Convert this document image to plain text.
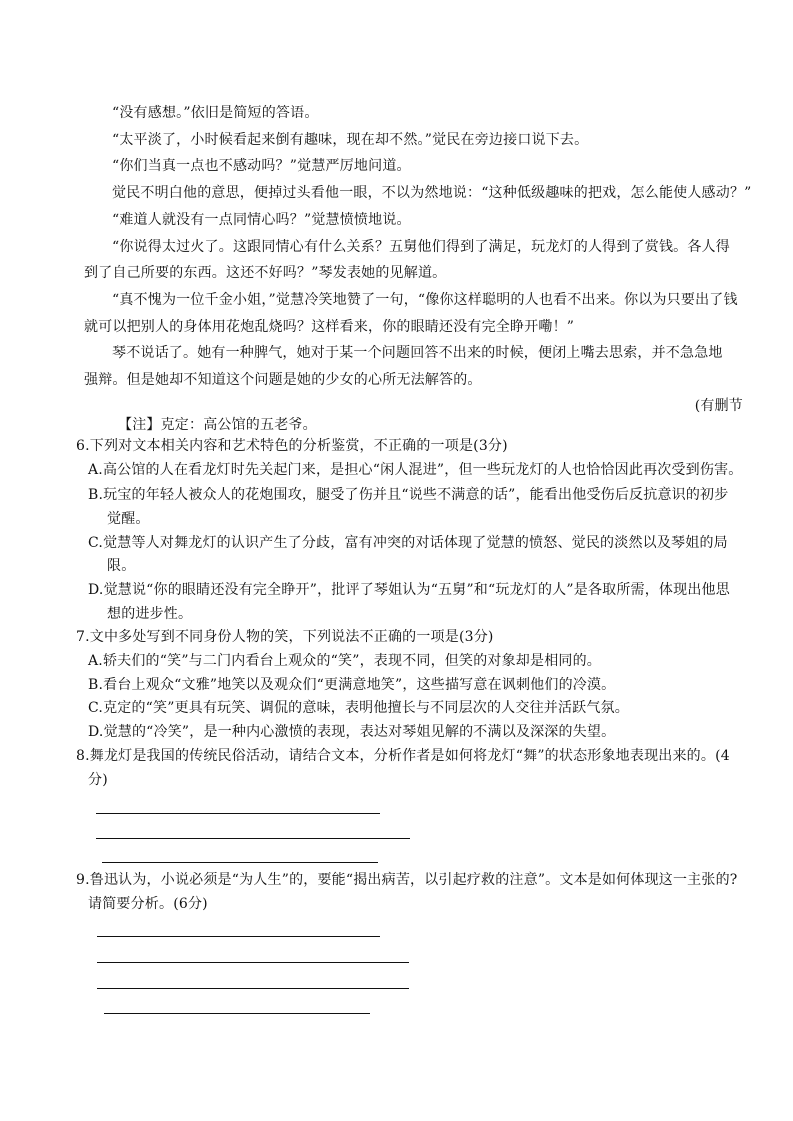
“没有感想。”依旧是简短的答语。
“太平淡了，小时候看起来倒有趣味，现在却不然。”觉民在旁边接口说下去。
“你们当真一点也不感动吗？”觉慧严厉地问道。
觉民不明白他的意思，便掉过头看他一眼，不以为然地说：“这种低级趣味的把戏，怎么能使人感动？”
“难道人就没有一点同情心吗？”觉慧愤愤地说。
“你说得太过火了。这跟同情心有什么关系？五舅他们得到了满足，玩龙灯的人得到了赏钱。各人得
到了自己所要的东西。这还不好吗？”琴发表她的见解道。
“真不愧为一位千金小姐，”觉慧冷笑地赞了一句，“像你这样聪明的人也看不出来。你以为只要出了钱
就可以把别人的身体用花炮乱烧吗？这样看来，你的眼睛还没有完全睁开嘞！”
琴不说话了。她有一种脾气，她对于某一个问题回答不出来的时候，便闭上嘴去思索，并不急急地
强辩。但是她却不知道这个问题是她的少女的心所无法解答的。
(有删节
【注】克定：高公馆的五老爷。
6.下列对文本相关内容和艺术特色的分析鉴赏，不正确的一项是(3分)
A.高公馆的人在看龙灯时先关起门来，是担心“闲人混进”，但一些玩龙灯的人也恰恰因此再次受到伤害。
B.玩宝的年轻人被众人的花炮围攻，腿受了伤并且“说些不满意的话”，能看出他受伤后反抗意识的初步
觉醒。
C.觉慧等人对舞龙灯的认识产生了分歧，富有冲突的对话体现了觉慧的愤怒、觉民的淡然以及琴姐的局
限。
D.觉慧说“你的眼睛还没有完全睁开”，批评了琴姐认为“五舅”和“玩龙灯的人”是各取所需，体现出他思
想的进步性。
7.文中多处写到不同身份人物的笑，下列说法不正确的一项是(3分)
A.轿夫们的“笑”与二门内看台上观众的“笑”，表现不同，但笑的对象却是相同的。
B.看台上观众“文雅”地笑以及观众们“更满意地笑”，这些描写意在讽刺他们的冷漠。
C.克定的“笑”更具有玩笑、调侃的意味，表明他擅长与不同层次的人交往并活跃气氛。
D.觉慧的“冷笑”，是一种内心激愤的表现，表达对琴姐见解的不满以及深深的失望。
8.舞龙灯是我国的传统民俗活动，请结合文本，分析作者是如何将龙灯“舞”的状态形象地表现出来的。(4
分)
9.鲁迅认为，小说必须是“为人生”的，要能“揭出病苦，以引起疗救的注意”。文本是如何体现这一主张的?
请简要分析。(6分)
